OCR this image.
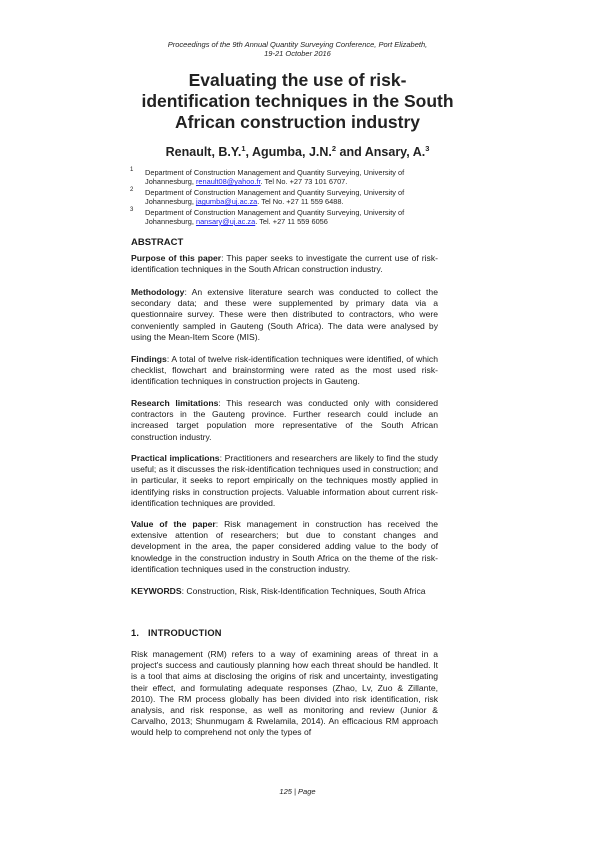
Proceedings of the 9th Annual Quantity Surveying Conference, Port Elizabeth,
19-21 October 2016
Evaluating the use of risk-
identification techniques in the South
African construction industry
Renault, B.Y.$^1$, Agumba, J.N.$^2$ and Ansary, A.$^3$
1 Department of Construction Management and Quantity Surveying, University of Johannesburg, renault08@yahoo.fr. Tel No. +27 73 101 6707.
2 Department of Construction Management and Quantity Surveying, University of Johannesburg, jagumba@uj.ac.za. Tel No. +27 11 559 6488.
3 Department of Construction Management and Quantity Surveying, University of Johannesburg, nansary@uj.ac.za. Tel. +27 11 559 6056
ABSTRACT

Purpose of this paper: This paper seeks to investigate the current use of risk-identification techniques in the South African construction industry.

Methodology: An extensive literature search was conducted to collect the secondary data; and these were supplemented by primary data via a questionnaire survey. These were then distributed to contractors, who were conveniently sampled in Gauteng (South Africa). The data were analysed by using the Mean-Item Score (MIS).

Findings: A total of twelve risk-identification techniques were identified, of which checklist, flowchart and brainstorming were rated as the most used risk-identification techniques in construction projects in Gauteng.

Research limitations: This research was conducted only with considered contractors in the Gauteng province. Further research could include an increased target population more representative of the South African construction industry.

Practical implications: Practitioners and researchers are likely to find the study useful; as it discusses the risk-identification techniques used in construction; and in particular, it seeks to report empirically on the techniques mostly applied in identifying risks in construction projects. Valuable information about current risk-identification techniques are provided.

Value of the paper: Risk management in construction has received the extensive attention of researchers; but due to constant changes and development in the area, the paper considered adding value to the body of knowledge in the construction industry in South Africa on the theme of the risk-identification techniques used in the construction industry.

KEYWORDS: Construction, Risk, Risk-Identification Techniques, South Africa

1. INTRODUCTION

Risk management (RM) refers to a way of examining areas of threat in a project's success and cautiously planning how each threat should be handled. It is a tool that aims at disclosing the origins of risk and uncertainty, investigating their effect, and formulating adequate responses (Zhao, Lv, Zuo & Zillante, 2010). The RM process globally has been divided into risk identification, risk analysis, and risk response, as well as monitoring and review (Junior & Carvalho, 2013; Shunmugam & Rwelamila, 2014). An efficacious RM approach would help to comprehend not only the types of

125 | Page
